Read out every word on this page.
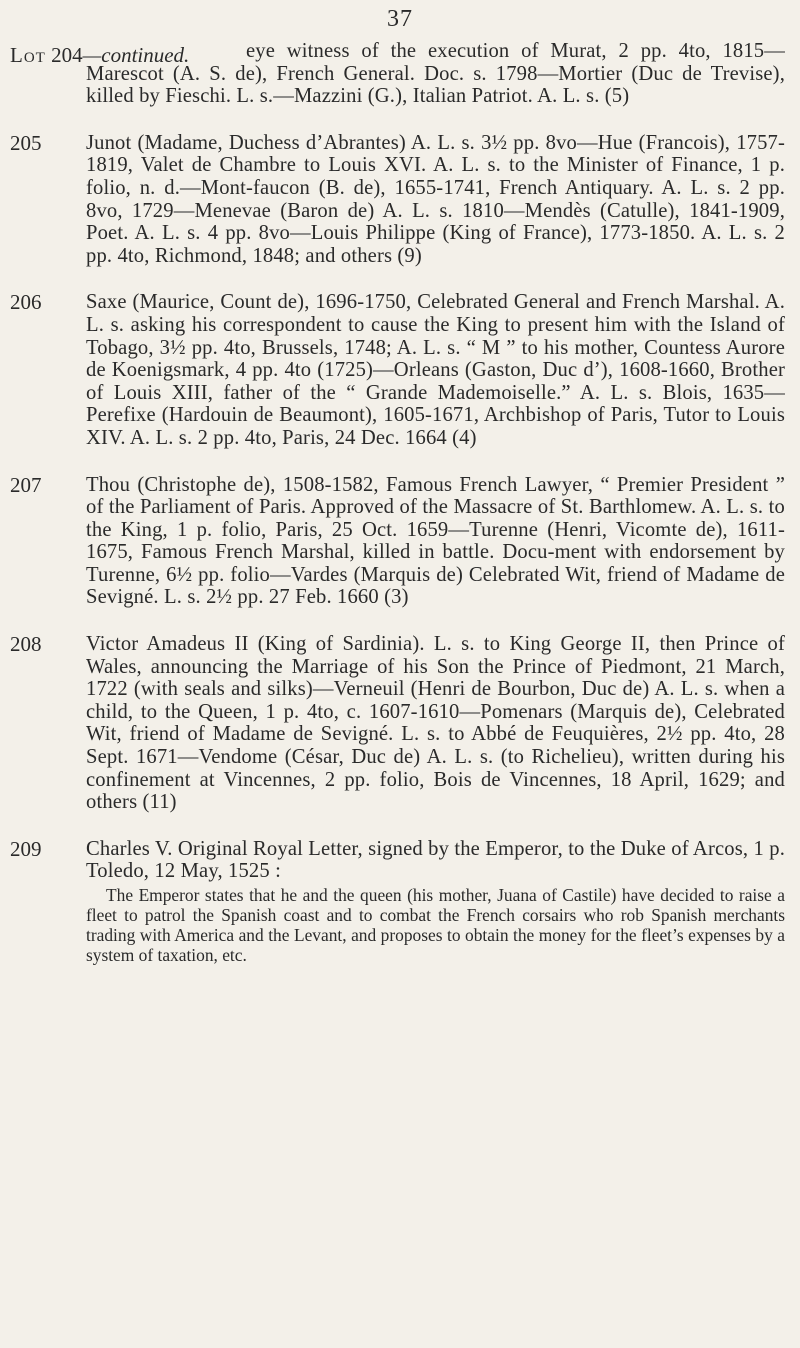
37
Lot 204—continued.	eye witness of the execution of Murat, 2 pp. 4to, 1815—Marescot (A. S. de), French General. Doc. s. 1798—Mortier (Duc de Trevise), killed by Fieschi. L. s.—Mazzini (G.), Italian Patriot. A. L. s. (5)
205	Junot (Madame, Duchess d’Abrantes) A. L. s. 3½ pp. 8vo—Hue (Francois), 1757-1819, Valet de Chambre to Louis XVI. A. L. s. to the Minister of Finance, 1 p. folio, n. d.—Mont-faucon (B. de), 1655-1741, French Antiquary. A. L. s. 2 pp. 8vo, 1729—Menevae (Baron de) A. L. s. 1810—Mendès (Catulle), 1841-1909, Poet. A. L. s. 4 pp. 8vo—Louis Philippe (King of France), 1773-1850. A. L. s. 2 pp. 4to, Richmond, 1848; and others (9)
206	Saxe (Maurice, Count de), 1696-1750, Celebrated General and French Marshal. A. L. s. asking his correspondent to cause the King to present him with the Island of Tobago, 3½ pp. 4to, Brussels, 1748; A. L. s. “ M ” to his mother, Countess Aurore de Koenigsmark, 4 pp. 4to (1725)—Orleans (Gaston, Duc d’), 1608-1660, Brother of Louis XIII, father of the “ Grande Mademoiselle.” A. L. s. Blois, 1635—Perefixe (Hardouin de Beaumont), 1605-1671, Archbishop of Paris, Tutor to Louis XIV. A. L. s. 2 pp. 4to, Paris, 24 Dec. 1664 (4)
207	Thou (Christophe de), 1508-1582, Famous French Lawyer, “ Premier President ” of the Parliament of Paris. Approved of the Massacre of St. Barthlomew. A. L. s. to the King, 1 p. folio, Paris, 25 Oct. 1659—Turenne (Henri, Vicomte de), 1611-1675, Famous French Marshal, killed in battle. Docu-ment with endorsement by Turenne, 6½ pp. folio—Vardes (Marquis de) Celebrated Wit, friend of Madame de Sevigné. L. s. 2½ pp. 27 Feb. 1660 (3)
208	Victor Amadeus II (King of Sardinia). L. s. to King George II, then Prince of Wales, announcing the Marriage of his Son the Prince of Piedmont, 21 March, 1722 (with seals and silks)—Verneuil (Henri de Bourbon, Duc de) A. L. s. when a child, to the Queen, 1 p. 4to, c. 1607-1610—Pomenars (Marquis de), Celebrated Wit, friend of Madame de Sevigné. L. s. to Abbé de Feuquières, 2½ pp. 4to, 28 Sept. 1671—Vendome (César, Duc de) A. L. s. (to Richelieu), written during his confinement at Vincennes, 2 pp. folio, Bois de Vincennes, 18 April, 1629; and others (11)
209	Charles V. Original Royal Letter, signed by the Emperor, to the Duke of Arcos, 1 p. Toledo, 12 May, 1525 :
The Emperor states that he and the queen (his mother, Juana of Castile) have decided to raise a fleet to patrol the Spanish coast and to combat the French corsairs who rob Spanish merchants trading with America and the Levant, and proposes to obtain the money for the fleet’s expenses by a system of taxation, etc.
